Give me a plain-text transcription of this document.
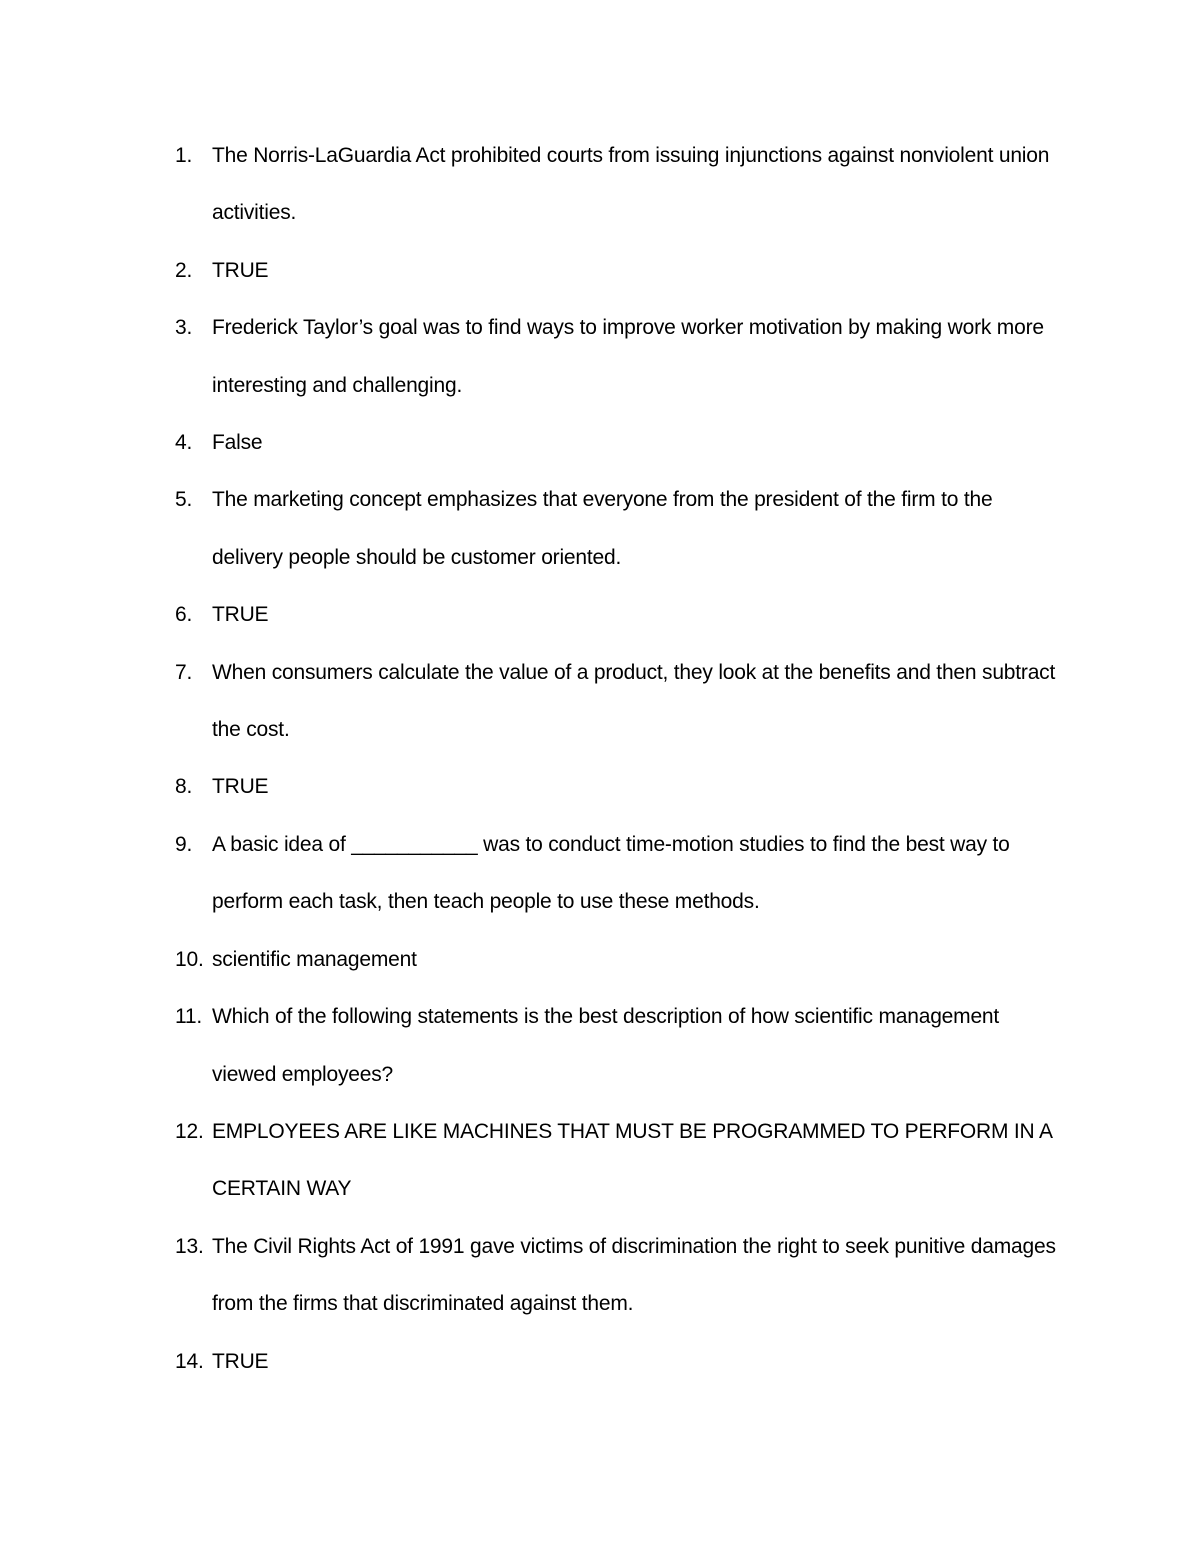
1. The Norris-LaGuardia Act prohibited courts from issuing injunctions against nonviolent union activities.
2. TRUE
3. Frederick Taylor’s goal was to find ways to improve worker motivation by making work more interesting and challenging.
4. False
5. The marketing concept emphasizes that everyone from the president of the firm to the delivery people should be customer oriented.
6. TRUE
7. When consumers calculate the value of a product, they look at the benefits and then subtract the cost.
8. TRUE
9. A basic idea of ___________ was to conduct time-motion studies to find the best way to perform each task, then teach people to use these methods.
10. scientific management
11. Which of the following statements is the best description of how scientific management viewed employees?
12. EMPLOYEES ARE LIKE MACHINES THAT MUST BE PROGRAMMED TO PERFORM IN A CERTAIN WAY
13. The Civil Rights Act of 1991 gave victims of discrimination the right to seek punitive damages from the firms that discriminated against them.
14. TRUE
